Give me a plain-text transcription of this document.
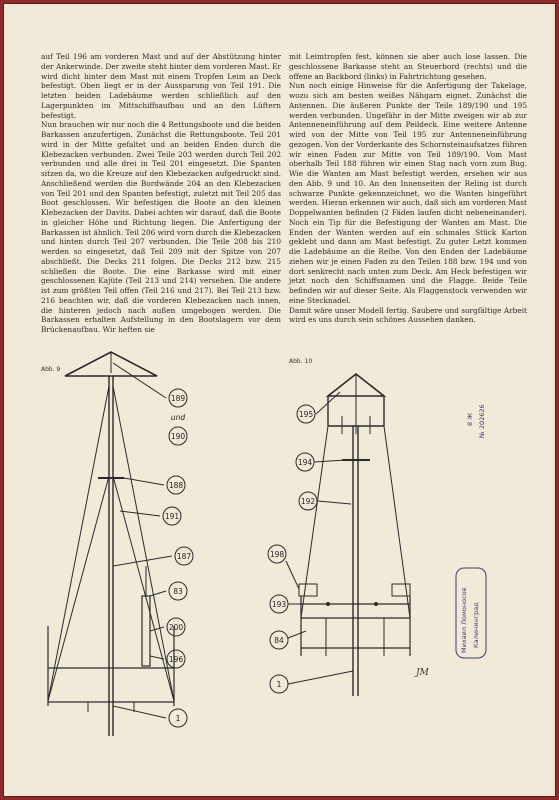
auf Teil 196 am vorderen Mast und auf der Abstützung hinter der Ankerwinde. Der zweite steht hinter dem vorderen Mast. Er wird dicht hinter dem Mast mit einem Tropfen Leim an Deck befestigt. Oben liegt er in der Aussparung von Teil 191. Die letzten beiden Ladebäume werden schließlich auf den Lagerpunkten im Mittschiffsaufbau und an den Lüftern befestigt.

Nun brauchen wir nur noch die 4 Rettungsboote und die beiden Barkassen anzufertigen. Zunächst die Rettungsboote. Teil 201 wird in der Mitte gefaltet und an beiden Enden durch die Klebezacken verbunden. Zwei Teile 203 werden durch Teil 202 verbunden und alle drei in Teil 201 eingesetzt. Die Spanten sitzen da, wo die Kreuze auf den Klebezacken aufgedruckt sind. Anschließend werden die Bordwände 204 an den Klebezacken von Teil 201 und den Spanten befestigt, zuletzt mit Teil 205 das Boot geschlossen. Wir befestigen die Boote an den kleinen Klebezacken der Davits. Dabei achten wir darauf, daß die Boote in gleicher Höhe und Richtung liegen. Die Anfertigung der Barkassen ist ähnlich. Teil 206 wird vorn durch die Klebezacken und hinten durch Teil 207 verbunden. Die Teile 208 bis 210 werden so eingesetzt, daß Teil 209 mit der Spitze von 207 abschließt. Die Decks 211 folgen. Die Decks 212 bzw. 215 schließen die Boote. Die eine Barkasse wird mit einer geschlossenen Kajüte (Teil 213 und 214) versehen. Die andere ist zum größten Teil offen (Teil 216 und 217). Bei Teil 213 bzw. 216 beachten wir, daß die vorderen Klebezacken nach innen, die hinteren jedoch nach außen umgebogen werden. Die Barkassen erhalten Aufstellung in den Bootslagern vor dem Brückenaufbau. Wir heften sie

mit Leimtropfen fest, können sie aber auch lose lassen. Die geschlossene Barkasse steht an Steuerbord (rechts) und die offene an Backbord (links) in Fahrtrichtung gesehen.

Nun noch einige Hinweise für die Anfertigung der Takelage, wozu sich am besten weißes Nähgarn eignet. Zunächst die Antennen. Die äußeren Punkte der Teile 189/190 und 195 werden verbunden. Ungefähr in der Mitte zweigen wir ab zur Antenneneinführung auf dem Peildeck. Eine weitere Antenne wird von der Mitte von Teil 195 zur Antenneneinführung gezogen. Von der Vorderkante des Schornsteinaufsatzes führen wir einen Faden zur Mitte von Teil 189/190. Vom Mast oberhalb Teil 188 führen wir einen Stag nach vorn zum Bug. Wie die Wanten am Mast befestigt werden, ersehen wir aus den Abb. 9 und 10. An den Innenseiten der Reling ist durch schwarze Punkte gekennzeichnet, wo die Wanten hingeführt werden. Hieran erkennen wir auch, daß sich am vorderen Mast Doppelwanten befinden (2 Fäden laufen dicht nebeneinander). Noch ein Tip für die Befestigung der Wanten am Mast. Die Enden der Wanten werden auf ein schmales Stück Karton geklebt und dann am Mast befestigt. Zu guter Letzt kommen die Ladebäume an die Reihe. Von den Enden der Ladebäume ziehen wir je einen Faden zu den Teilen 188 bzw. 194 und von dort senkrecht nach unten zum Deck. Am Heck befestigen wir jetzt noch den Schiffsnamen und die Flagge. Beide Teile befinden wir auf dieser Seite. Als Flaggenstock verwenden wir eine Stecknadel.

Damit wäre unser Modell fertig. Saubere und sorgfältige Arbeit wird es uns durch sein schönes Aussehen danken.

Abb. 9
Abb. 10
189
und
190
188
191
187
83
200
196
1
195
194
192
198
193
84
1
JM
8 Ж № 202626
Михаил Ломоносов Калининград
